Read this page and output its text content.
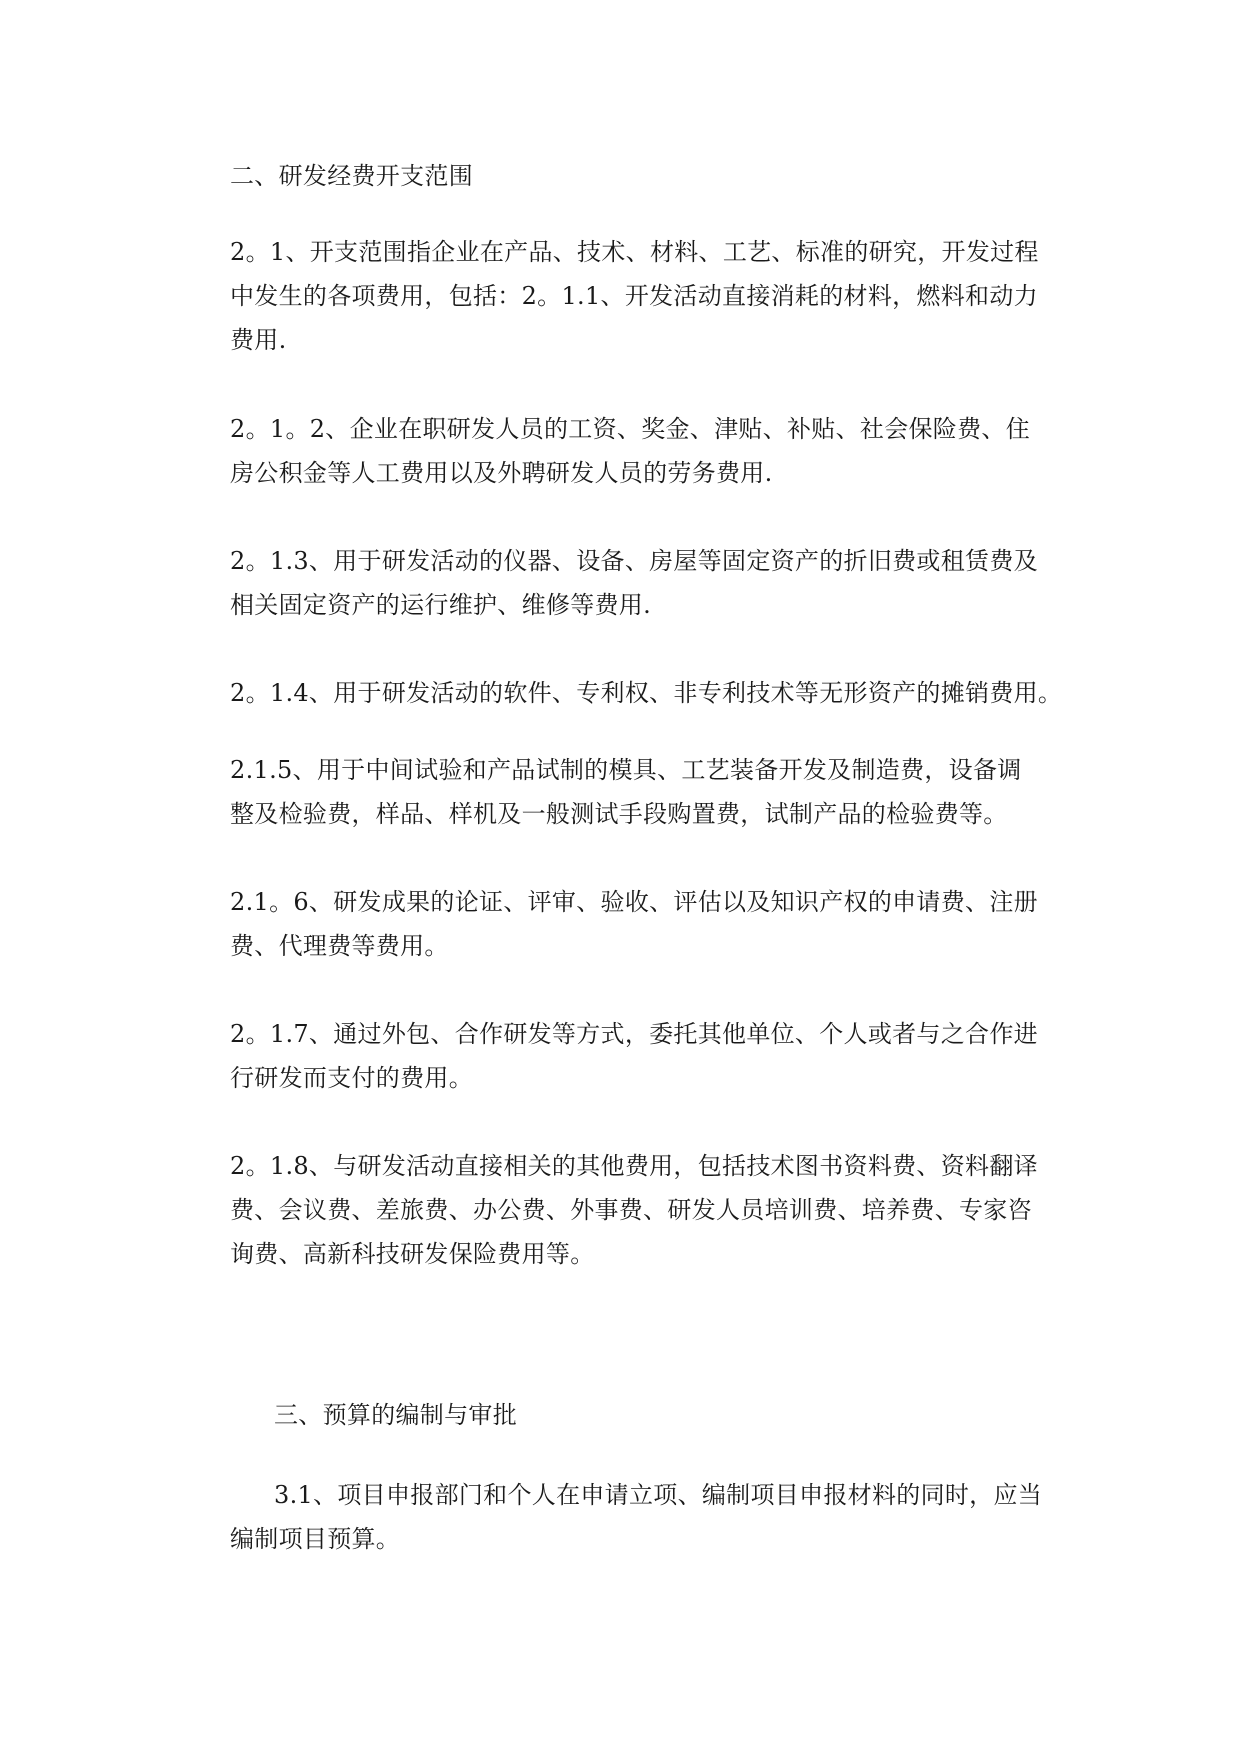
二、研发经费开支范围
2。1、开支范围指企业在产品、技术、材料、工艺、标准的研究，开发过程
中发生的各项费用，包括：2。1.1、开发活动直接消耗的材料，燃料和动力
费用.
2。1。2、企业在职研发人员的工资、奖金、津贴、补贴、社会保险费、住
房公积金等人工费用以及外聘研发人员的劳务费用.
2。1.3、用于研发活动的仪器、设备、房屋等固定资产的折旧费或租赁费及
相关固定资产的运行维护、维修等费用.
2。1.4、用于研发活动的软件、专利权、非专利技术等无形资产的摊销费用。
2.1.5、用于中间试验和产品试制的模具、工艺装备开发及制造费，设备调
整及检验费，样品、样机及一般测试手段购置费，试制产品的检验费等。
2.1。6、研发成果的论证、评审、验收、评估以及知识产权的申请费、注册
费、代理费等费用。
2。1.7、通过外包、合作研发等方式，委托其他单位、个人或者与之合作进
行研发而支付的费用。
2。1.8、与研发活动直接相关的其他费用，包括技术图书资料费、资料翻译
费、会议费、差旅费、办公费、外事费、研发人员培训费、培养费、专家咨
询费、高新科技研发保险费用等。
三、预算的编制与审批
3.1、项目申报部门和个人在申请立项、编制项目申报材料的同时，应当
编制项目预算。
